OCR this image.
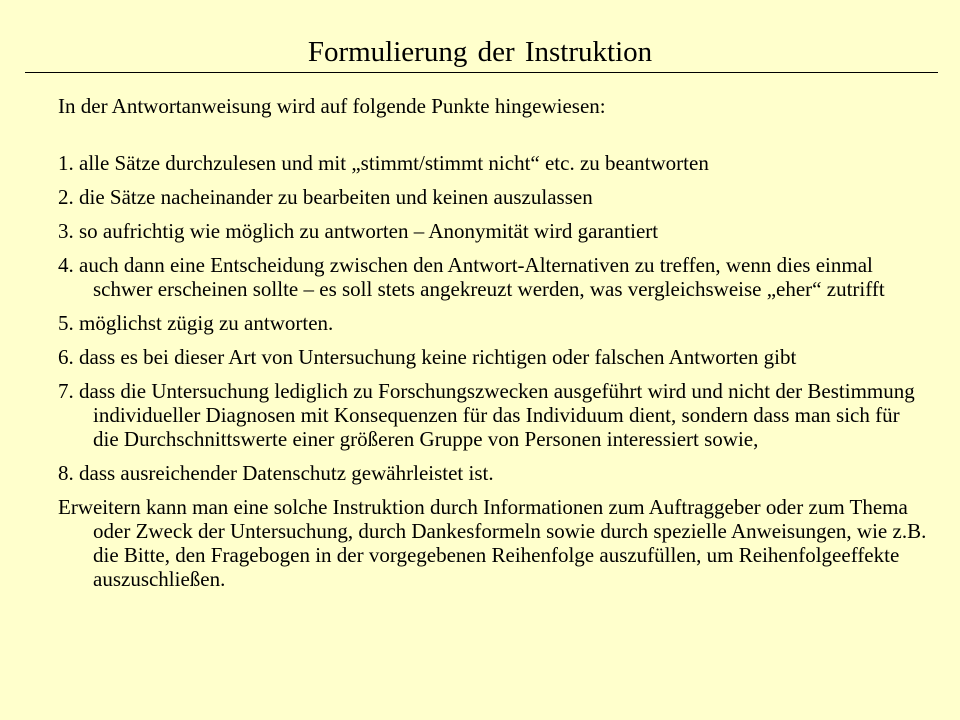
Formulierung der Instruktion

In der Antwortanweisung wird auf folgende Punkte hingewiesen:

1. alle Sätze durchzulesen und mit „stimmt/stimmt nicht“ etc. zu beantworten
2. die Sätze nacheinander zu bearbeiten und keinen auszulassen
3. so aufrichtig wie möglich zu antworten – Anonymität wird garantiert
4. auch dann eine Entscheidung zwischen den Antwort-Alternativen zu treffen, wenn dies einmal schwer erscheinen sollte – es soll stets angekreuzt werden, was vergleichsweise „eher“ zutrifft
5. möglichst zügig zu antworten.
6. dass es bei dieser Art von Untersuchung keine richtigen oder falschen Antworten gibt
7. dass die Untersuchung lediglich zu Forschungszwecken ausgeführt wird und nicht der Bestimmung individueller Diagnosen mit Konsequenzen für das Individuum dient, sondern dass man sich für die Durchschnittswerte einer größeren Gruppe von Personen interessiert sowie,
8. dass ausreichender Datenschutz gewährleistet ist.
Erweitern kann man eine solche Instruktion durch Informationen zum Auftraggeber oder zum Thema oder Zweck der Untersuchung, durch Dankesformeln sowie durch spezielle Anweisungen, wie z.B. die Bitte, den Fragebogen in der vorgegebenen Reihenfolge auszufüllen, um Reihenfolgeeffekte auszuschließen.
